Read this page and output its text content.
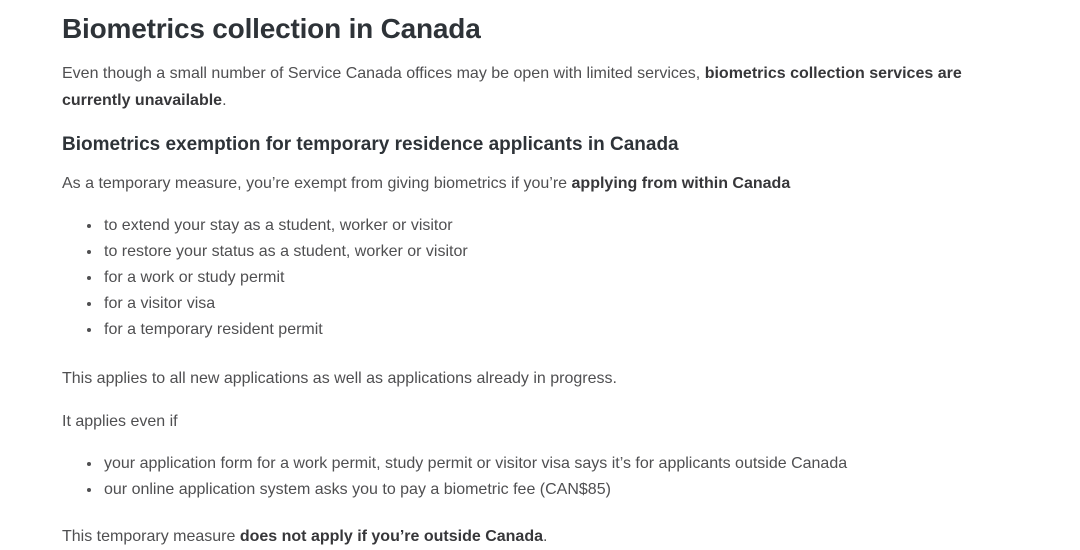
Biometrics collection in Canada

Even though a small number of Service Canada offices may be open with limited services, biometrics collection services are currently unavailable.

Biometrics exemption for temporary residence applicants in Canada

As a temporary measure, you’re exempt from giving biometrics if you’re applying from within Canada

• to extend your stay as a student, worker or visitor
• to restore your status as a student, worker or visitor
• for a work or study permit
• for a visitor visa
• for a temporary resident permit

This applies to all new applications as well as applications already in progress.

It applies even if

• your application form for a work permit, study permit or visitor visa says it’s for applicants outside Canada
• our online application system asks you to pay a biometric fee (CAN$85)

This temporary measure does not apply if you’re outside Canada.
